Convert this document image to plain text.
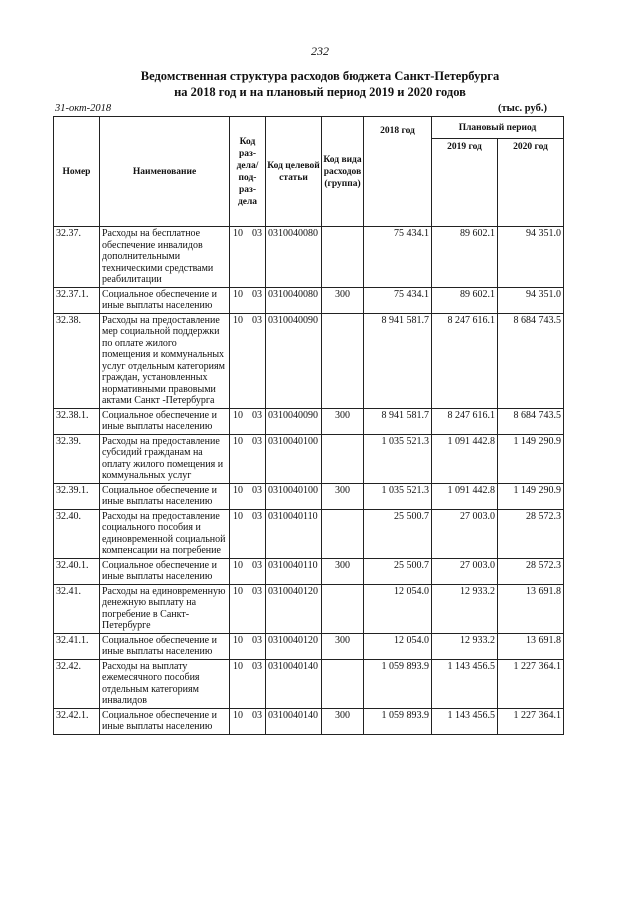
232
Ведомственная структура расходов бюджета Санкт-Петербурга
на 2018 год и на плановый период 2019 и 2020 годов
31-окт-2018	(тыс. руб.)
Номер	Наименование	Код раз- дела/ под- раз- дела	Код целевой статьи	Код вида расходов (группа)	2018 год	Плановый период	
						2019 год	2020 год
32.37.	Расходы на бесплатное обеспечение инвалидов дополнительными техническими средствами реабилитации	10 03	0310040080		75 434.1	89 602.1	94 351.0
32.37.1.	Социальное обеспечение и иные выплаты населению	10 03	0310040080	300	75 434.1	89 602.1	94 351.0
32.38.	Расходы на предоставление мер социальной поддержки по оплате жилого помещения и коммунальных услуг отдельным категориям граждан, установленных нормативными правовыми актами Санкт -Петербурга	10 03	0310040090		8 941 581.7	8 247 616.1	8 684 743.5
32.38.1.	Социальное обеспечение и иные выплаты населению	10 03	0310040090	300	8 941 581.7	8 247 616.1	8 684 743.5
32.39.	Расходы на предоставление субсидий гражданам на оплату жилого помещения и коммунальных услуг	10 03	0310040100		1 035 521.3	1 091 442.8	1 149 290.9
32.39.1.	Социальное обеспечение и иные выплаты населению	10 03	0310040100	300	1 035 521.3	1 091 442.8	1 149 290.9
32.40.	Расходы на предоставление социального пособия и единовременной социальной компенсации на погребение	10 03	0310040110		25 500.7	27 003.0	28 572.3
32.40.1.	Социальное обеспечение и иные выплаты населению	10 03	0310040110	300	25 500.7	27 003.0	28 572.3
32.41.	Расходы на единовременную денежную выплату на погребение в Санкт-Петербурге	10 03	0310040120		12 054.0	12 933.2	13 691.8
32.41.1.	Социальное обеспечение и иные выплаты населению	10 03	0310040120	300	12 054.0	12 933.2	13 691.8
32.42.	Расходы на выплату ежемесячного пособия отдельным категориям инвалидов	10 03	0310040140		1 059 893.9	1 143 456.5	1 227 364.1
32.42.1.	Социальное обеспечение и иные выплаты населению	10 03	0310040140	300	1 059 893.9	1 143 456.5	1 227 364.1
